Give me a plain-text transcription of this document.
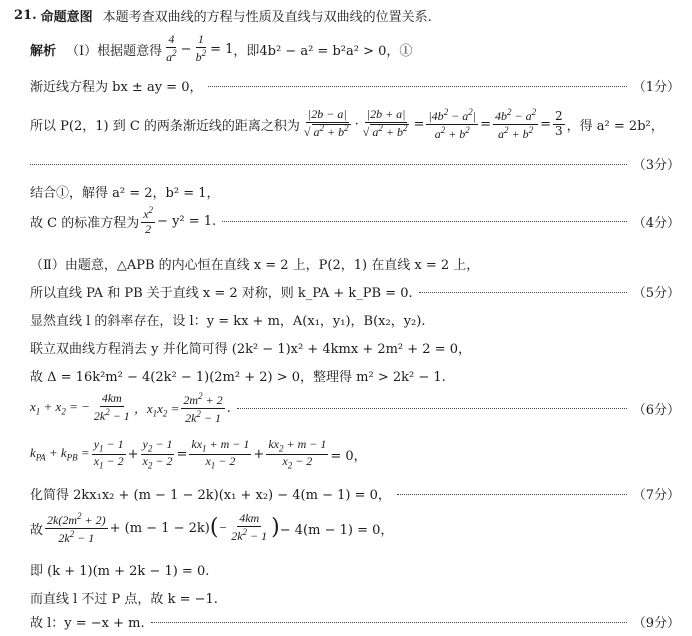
21. 命题意图 本题考查双曲线的方程与性质及直线与双曲线的位置关系.
解析 （Ⅰ） 根据题意得 $\frac{4}{a^2} - \frac{1}{b^2} = 1$ ，即4b² − a² = b²a² > 0，①
渐近线方程为 bx ± ay = 0，	（1分）
所以 P(2，1) 到 C 的两条渐近线的距离之积为 $\frac{|2b - a|}{√ a^2 + b^2} \cdot \frac{|2b + a|}{√ a^2 + b^2} = \frac{|4b^2 - a^2|}{a^2 + b^2} = \frac{4b^2 - a^2}{a^2 + b^2} = \frac{2}{3}$ ，得 a² = 2b²，
（3分）
结合①，解得 a² = 2，b² = 1，
故 C 的标准方程为 $\frac{x^2}{2} - y^2 = 1$.	（4分）
（Ⅱ） 由题意，△APB 的内心恒在直线 x = 2 上，P(2，1) 在直线 x = 2 上，
所以直线 PA 和 PB 关于直线 x = 2 对称，则 k_PA + k_PB = 0.	（5分）
显然直线 l 的斜率存在，设 l：y = kx + m，A(x₁，y₁)，B(x₂，y₂).
联立双曲线方程消去 y 并化简可得 (2k² − 1)x² + 4kmx + 2m² + 2 = 0，
故 Δ = 16k²m² − 4(2k² − 1)(2m² + 2) > 0，整理得 m² > 2k² − 1.
$x_1 + x_2$ = − $\frac{4km}{2k^2 - 1}$ ，$x_1x_2 = \frac{2m^2 + 2}{2k^2 - 1}$ .	（6分）
$k_{PA} + k_{PB} = \frac{y_1 - 1}{x_1 - 2} + \frac{y_2 - 1}{x_2 - 2} = \frac{kx_1 + m - 1}{x_1 - 2} + \frac{kx_2 + m - 1}{x_2 - 2} = 0$，
化简得 2kx₁x₂ + (m − 1 − 2k)(x₁ + x₂) − 4(m − 1) = 0，	（7分）
故 $\frac{2k(2m^2 + 2)}{2k^2 - 1} + (m - 1 - 2k)$ ( − $\frac{4km}{2k^2 - 1}$ ) − 4(m − 1) = 0，
即 (k + 1)(m + 2k − 1) = 0.
而直线 l 不过 P 点，故 k = −1.
故 l：y = −x + m.	（9分）
